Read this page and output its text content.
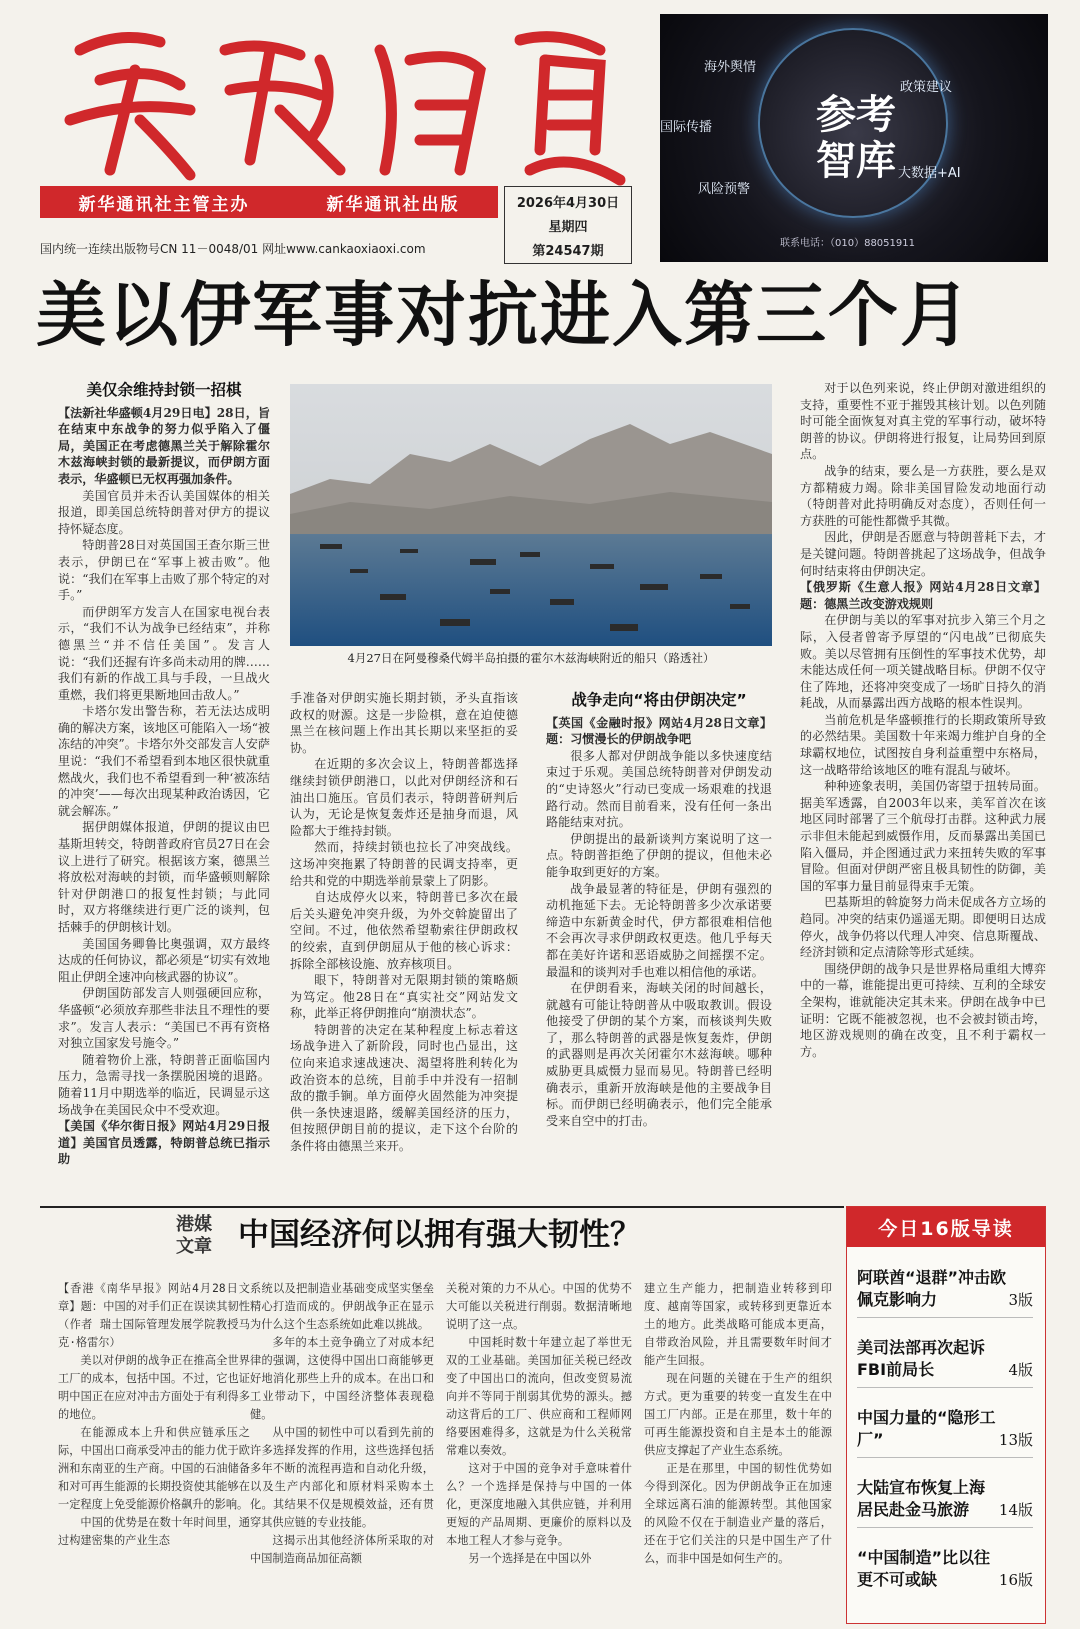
新华通讯社主管主办	新华通讯社出版
国内统一连续出版物号CN 11－0048/01 网址www.cankaoxiaoxi.com
2026年4月30日
星期四
第24547期
海外舆情
政策建议
国际传播
风险预警
大数据+AI
参考智库
联系电话：（010）88051911
美以伊军事对抗进入第三个月
美仅余维持封锁一招棋

【法新社华盛顿4月29日电】28日，旨在结束中东战争的努力似乎陷入了僵局，美国正在考虑德黑兰关于解除霍尔木兹海峡封锁的最新提议，而伊朗方面表示，华盛顿已无权再强加条件。

美国官员并未否认美国媒体的相关报道，即美国总统特朗普对伊方的提议持怀疑态度。

特朗普28日对英国国王查尔斯三世表示，伊朗已在“军事上被击败”。他说：“我们在军事上击败了那个特定的对手。”

而伊朗军方发言人在国家电视台表示，“我们不认为战争已经结束”，并称德黑兰“并不信任美国”。发言人说：“我们还握有许多尚未动用的牌……我们有新的作战工具与手段，一旦战火重燃，我们将更果断地回击敌人。”

卡塔尔发出警告称，若无法达成明确的解决方案，该地区可能陷入一场“被冻结的冲突”。卡塔尔外交部发言人安萨里说：“我们不希望看到本地区很快就重燃战火，我们也不希望看到一种‘被冻结的冲突’——每次出现某种政治诱因，它就会解冻。”

据伊朗媒体报道，伊朗的提议由巴基斯坦转交，特朗普政府官员27日在会议上进行了研究。根据该方案，德黑兰将放松对海峡的封锁，而华盛顿则解除针对伊朗港口的报复性封锁；与此同时，双方将继续进行更广泛的谈判，包括棘手的伊朗核计划。

美国国务卿鲁比奥强调，双方最终达成的任何协议，都必须是“切实有效地阻止伊朗全速冲向核武器的协议”。

伊朗国防部发言人则强硬回应称，华盛顿“必须放弃那些非法且不理性的要求”。发言人表示：“美国已不再有资格对独立国家发号施令。”

随着物价上涨，特朗普正面临国内压力，急需寻找一条摆脱困境的退路。随着11月中期选举的临近，民调显示这场战争在美国民众中不受欢迎。

【美国《华尔街日报》网站4月29日报道】美国官员透露，特朗普总统已指示助

4月27日在阿曼穆桑代姆半岛拍摄的霍尔木兹海峡附近的船只（路透社）

手准备对伊朗实施长期封锁，矛头直指该政权的财源。这是一步险棋，意在迫使德黑兰在核问题上作出其长期以来坚拒的妥协。

在近期的多次会议上，特朗普都选择继续封锁伊朗港口，以此对伊朗经济和石油出口施压。官员们表示，特朗普研判后认为，无论是恢复轰炸还是抽身而退，风险都大于维持封锁。

然而，持续封锁也拉长了冲突战线。这场冲突拖累了特朗普的民调支持率，更给共和党的中期选举前景蒙上了阴影。

自达成停火以来，特朗普已多次在最后关头避免冲突升级，为外交斡旋留出了空间。不过，他依然希望勒索往伊朗政权的绞索，直到伊朗屈从于他的核心诉求：拆除全部核设施、放弃核项目。

眼下，特朗普对无限期封锁的策略颇为笃定。他28日在“真实社交”网站发文称，此举正将伊朗推向“崩溃状态”。

特朗普的决定在某种程度上标志着这场战争进入了新阶段，同时也凸显出，这位向来追求速战速决、渴望将胜利转化为政治资本的总统，目前手中并没有一招制敌的撒手锏。单方面停火固然能为冲突提供一条快速退路，缓解美国经济的压力，但按照伊朗目前的提议，走下这个台阶的条件将由德黑兰来开。

战争走向“将由伊朗决定”

【英国《金融时报》网站4月28日文章】题：习惯漫长的伊朗战争吧

很多人都对伊朗战争能以多快速度结束过于乐观。美国总统特朗普对伊朗发动的“史诗怒火”行动已变成一场艰难的找退路行动。然而目前看来，没有任何一条出路能结束对抗。

伊朗提出的最新谈判方案说明了这一点。特朗普拒绝了伊朗的提议，但他未必能争取到更好的方案。

战争最显著的特征是，伊朗有强烈的动机拖延下去。无论特朗普多少次承诺要缔造中东新黄金时代，伊方都很难相信他不会再次寻求伊朗政权更迭。他几乎每天都在美好许诺和恶语威胁之间摇摆不定。最温和的谈判对手也难以相信他的承诺。

在伊朗看来，海峡关闭的时间越长，就越有可能让特朗普从中吸取教训。假设他接受了伊朗的某个方案，而核谈判失败了，那么特朗普的武器是恢复轰炸，伊朗的武器则是再次关闭霍尔木兹海峡。哪种威胁更具威慑力显而易见。特朗普已经明确表示，重新开放海峡是他的主要战争目标。而伊朗已经明确表示，他们完全能承受来自空中的打击。

对于以色列来说，终止伊朗对激进组织的支持，重要性不亚于摧毁其核计划。以色列随时可能全面恢复对真主党的军事行动，破坏特朗普的协议。伊朗将进行报复，让局势回到原点。

战争的结束，要么是一方获胜，要么是双方都精疲力竭。除非美国冒险发动地面行动（特朗普对此持明确反对态度），否则任何一方获胜的可能性都微乎其微。

因此，伊朗是否愿意与特朗普耗下去，才是关键问题。特朗普挑起了这场战争，但战争何时结束将由伊朗决定。

【俄罗斯《生意人报》网站4月28日文章】题：德黑兰改变游戏规则

在伊朗与美以的军事对抗步入第三个月之际，入侵者曾寄予厚望的“闪电战”已彻底失败。美以尽管拥有压倒性的军事技术优势，却未能达成任何一项关键战略目标。伊朗不仅守住了阵地，还将冲突变成了一场旷日持久的消耗战，从而暴露出西方战略的根本性误判。

当前危机是华盛顿推行的长期政策所导致的必然结果。美国数十年来竭力维护自身的全球霸权地位，试图按自身利益重塑中东格局，这一战略带给该地区的唯有混乱与破坏。

种种迹象表明，美国仍寄望于扭转局面。据美军透露，自2003年以来，美军首次在该地区同时部署了三个航母打击群。这种武力展示非但未能起到威慑作用，反而暴露出美国已陷入僵局，并企图通过武力来扭转失败的军事冒险。但面对伊朗严密且极具韧性的防御，美国的军事力量目前显得束手无策。

巴基斯坦的斡旋努力尚未促成各方立场的趋同。冲突的结束仍遥遥无期。即便明日达成停火，战争仍将以代理人冲突、信息斯覆战、经济封锁和定点清除等形式延续。

围绕伊朗的战争只是世界格局重组大博弈中的一幕，谁能提出更可持续、互利的全球安全架构，谁就能决定其未来。伊朗在战争中已证明：它既不能被忽视，也不会被封锁击垮，地区游戏规则的确在改变，且不利于霸权一方。

港媒文章 中国经济何以拥有强大韧性？

【香港《南华早报》网站4月28日文章】题：中国的对手们正在误读其韧性（作者 瑞士国际管理发展学院教授马克·格雷尔）

美以对伊朗的战争正在推高全世界工厂的成本，包括中国。不过，它也证明中国正在应对冲击方面处于有利得多的地位。

在能源成本上升和供应链承压之际，中国出口商承受冲击的能力优于欧洲和东南亚的生产商。中国的石油储备和对可再生能源的长期投资使其能够在一定程度上免受能源价格飙升的影响。

中国的优势是在数十年时间里，通过构建密集的产业生态

系统以及把制造业基础变成坚实堡垒精心打造而成的。伊朗战争正在显示为什么这个生态系统如此难以挑战。

多年的本土竞争确立了对成本纪律的强调，这使得中国出口商能够更好地消化那些上升的成本。在出口和工业带动下，中国经济整体表现稳健。

从中国的韧性中可以看到先前的许多选择发挥的作用，这些选择包括多年不断的流程再造和自动化升级，以及生产内部化和原材料采购本土化。其结果不仅是规模效益，还有贯穿其供应链的专业技能。

这揭示出其他经济体所采取的对中国制造商品加征高额

关税对策的力不从心。中国的优势不大可能以关税进行削弱。数据清晰地说明了这一点。

中国耗时数十年建立起了举世无双的工业基础。美国加征关税已经改变了中国出口的流向，但改变贸易流向并不等同于削弱其优势的源头。撼动这背后的工厂、供应商和工程师网络要困难得多，这就是为什么关税常常难以奏效。

这对于中国的竞争对手意味着什么？一个选择是保持与中国的一体化，更深度地融入其供应链，并利用更短的产品周期、更廉价的原料以及本地工程人才参与竞争。

另一个选择是在中国以外

建立生产能力，把制造业转移到印度、越南等国家，或转移到更靠近本土的地方。此类战略可能成本更高，自带政治风险，并且需要数年时间才能产生回报。

现在问题的关键在于生产的组织方式。更为重要的转变一直发生在中国工厂内部。正是在那里，数十年的可再生能源投资和自主是本土的能源供应支撑起了产业生态系统。

正是在那里，中国的韧性优势如今得到深化。因为伊朗战争正在加速全球远离石油的能源转型。其他国家的风险不仅在于制造业产量的落后，还在于它们关注的只是中国生产了什么，而非中国是如何生产的。

今日16版导读
3版
阿联酋“退群”冲击欧佩克影响力
4版
美司法部再次起诉FBI前局长
13版
中国力量的“隐形工厂”
14版
大陆宣布恢复上海居民赴金马旅游
16版
“中国制造”比以往更不可或缺
